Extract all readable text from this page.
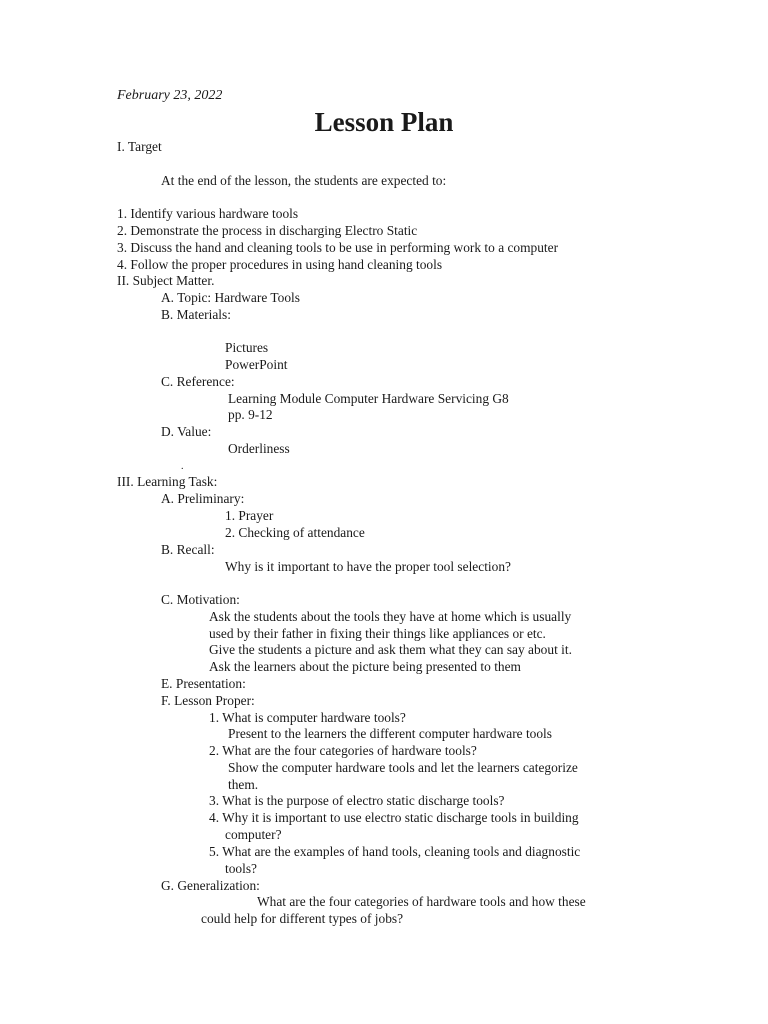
February 23, 2022
Lesson Plan
I. Target
At the end of the lesson, the students are expected to:
1. Identify various hardware tools
2. Demonstrate the process in discharging Electro Static
3. Discuss the hand and cleaning tools to be use in performing work to a computer
4. Follow the proper procedures in using hand cleaning tools
II. Subject Matter.
A. Topic: Hardware Tools
B. Materials:
Pictures
PowerPoint
C. Reference:
Learning Module Computer Hardware Servicing G8
pp. 9-12
D. Value:
Orderliness
.
III. Learning Task:
A. Preliminary:
1. Prayer
2. Checking of attendance
B. Recall:
Why is it important to have the proper tool selection?
C. Motivation:
Ask the students about the tools they have at home which is usually
used by their father in fixing their things like appliances or etc.
Give the students a picture and ask them what they can say about it.
Ask the learners about the picture being presented to them
E. Presentation:
F. Lesson Proper:
1. What is computer hardware tools?
Present to the learners the different computer hardware tools
2. What are the four categories of hardware tools?
Show the computer hardware tools and let the learners categorize
them.
3. What is the purpose of electro static discharge tools?
4. Why it is important to use electro static discharge tools in building
computer?
5. What are the examples of hand tools, cleaning tools and diagnostic
tools?
G. Generalization:
What are the four categories of hardware tools and how these
could help for different types of jobs?
